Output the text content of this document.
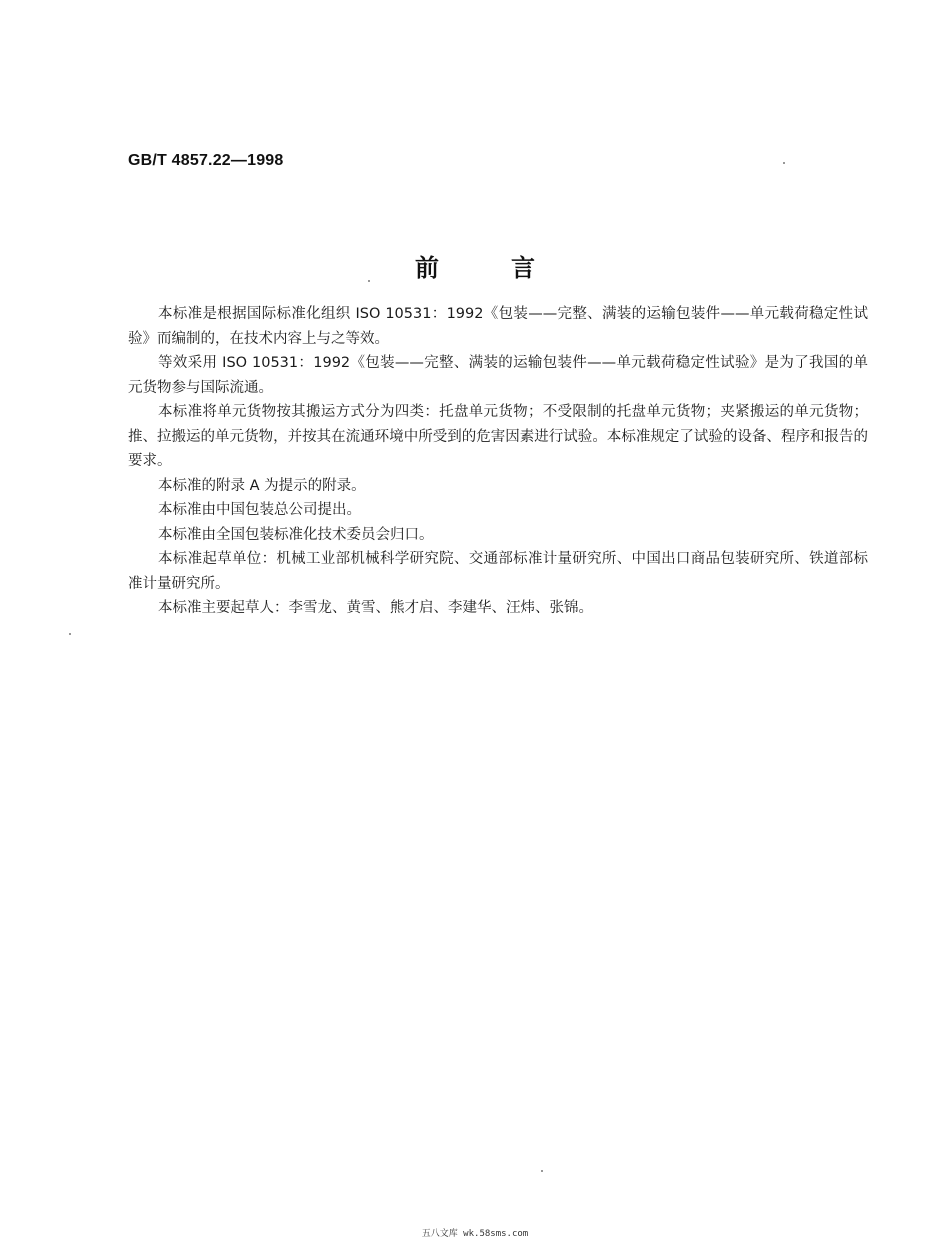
GB/T 4857.22—1998
前言

本标准是根据国际标准化组织 ISO 10531：1992《包装——完整、满装的运输包装件——单元载荷稳定性试验》而编制的，在技术内容上与之等效。

等效采用 ISO 10531：1992《包装——完整、满装的运输包装件——单元载荷稳定性试验》是为了我国的单元货物参与国际流通。

本标准将单元货物按其搬运方式分为四类：托盘单元货物；不受限制的托盘单元货物；夹紧搬运的单元货物；推、拉搬运的单元货物，并按其在流通环境中所受到的危害因素进行试验。本标准规定了试验的设备、程序和报告的要求。

本标准的附录 A 为提示的附录。

本标准由中国包装总公司提出。

本标准由全国包装标准化技术委员会归口。

本标准起草单位：机械工业部机械科学研究院、交通部标准计量研究所、中国出口商品包装研究所、铁道部标准计量研究所。

本标准主要起草人：李雪龙、黄雪、熊才启、李建华、汪炜、张锦。

五八文库 wk.58sms.com
